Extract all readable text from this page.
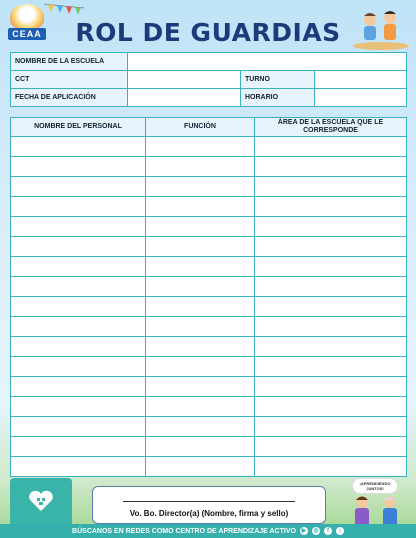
CEAA	ROL DE GUARDIAS
NOMBRE DE LA ESCUELA			
CCT		TURNO	
FECHA DE APLICACIÓN		HORARIO	
NOMBRE DEL PERSONAL	FUNCIÓN	ÁREA DE LA ESCUELA QUE LE CORRESPONDE

Vo. Bo. Director(a) (Nombre, firma y sello)
¡APRENDIENDO JUNTOS!
BÚSCANOS EN REDES COMO CENTRO DE APRENDIZAJE ACTIVO ▶ ◎	f	♪
